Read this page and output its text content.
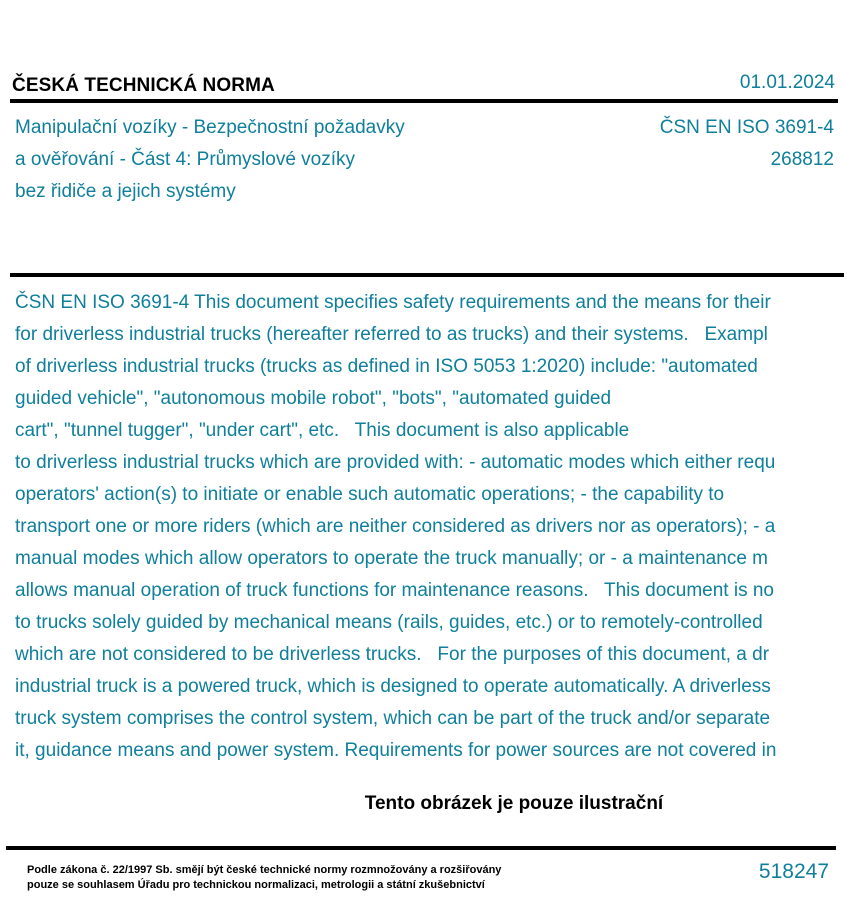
ČESKÁ TECHNICKÁ NORMA	01.01.2024
Manipulační vozíky - Bezpečnostní požadavky
a ověřování - Část 4: Průmyslové vozíky
bez řidiče a jejich systémy
ČSN EN ISO 3691-4
268812
ČSN EN ISO 3691-4 This document specifies safety requirements and the means for their
for driverless industrial trucks (hereafter referred to as trucks) and their systems.   Exampl
of driverless industrial trucks (trucks as defined in ISO 5053 1:2020) include: "automated
guided vehicle", "autonomous mobile robot", "bots", "automated guided
cart", "tunnel tugger", "under cart", etc.   This document is also applicable
to driverless industrial trucks which are provided with: - automatic modes which either requ
operators' action(s) to initiate or enable such automatic operations; - the capability to
transport one or more riders (which are neither considered as drivers nor as operators); - a
manual modes which allow operators to operate the truck manually; or - a maintenance m
allows manual operation of truck functions for maintenance reasons.   This document is no
to trucks solely guided by mechanical means (rails, guides, etc.) or to remotely-controlled
which are not considered to be driverless trucks.   For the purposes of this document, a dr
industrial truck is a powered truck, which is designed to operate automatically. A driverless
truck system comprises the control system, which can be part of the truck and/or separate
it, guidance means and power system. Requirements for power sources are not covered in
Tento obrázek je pouze ilustrační
Podle zákona č. 22/1997 Sb. smějí být české technické normy rozmnožovány a rozšiřovány
pouze se souhlasem Úřadu pro technickou normalizaci, metrologii a státní zkušebnictví
518247
